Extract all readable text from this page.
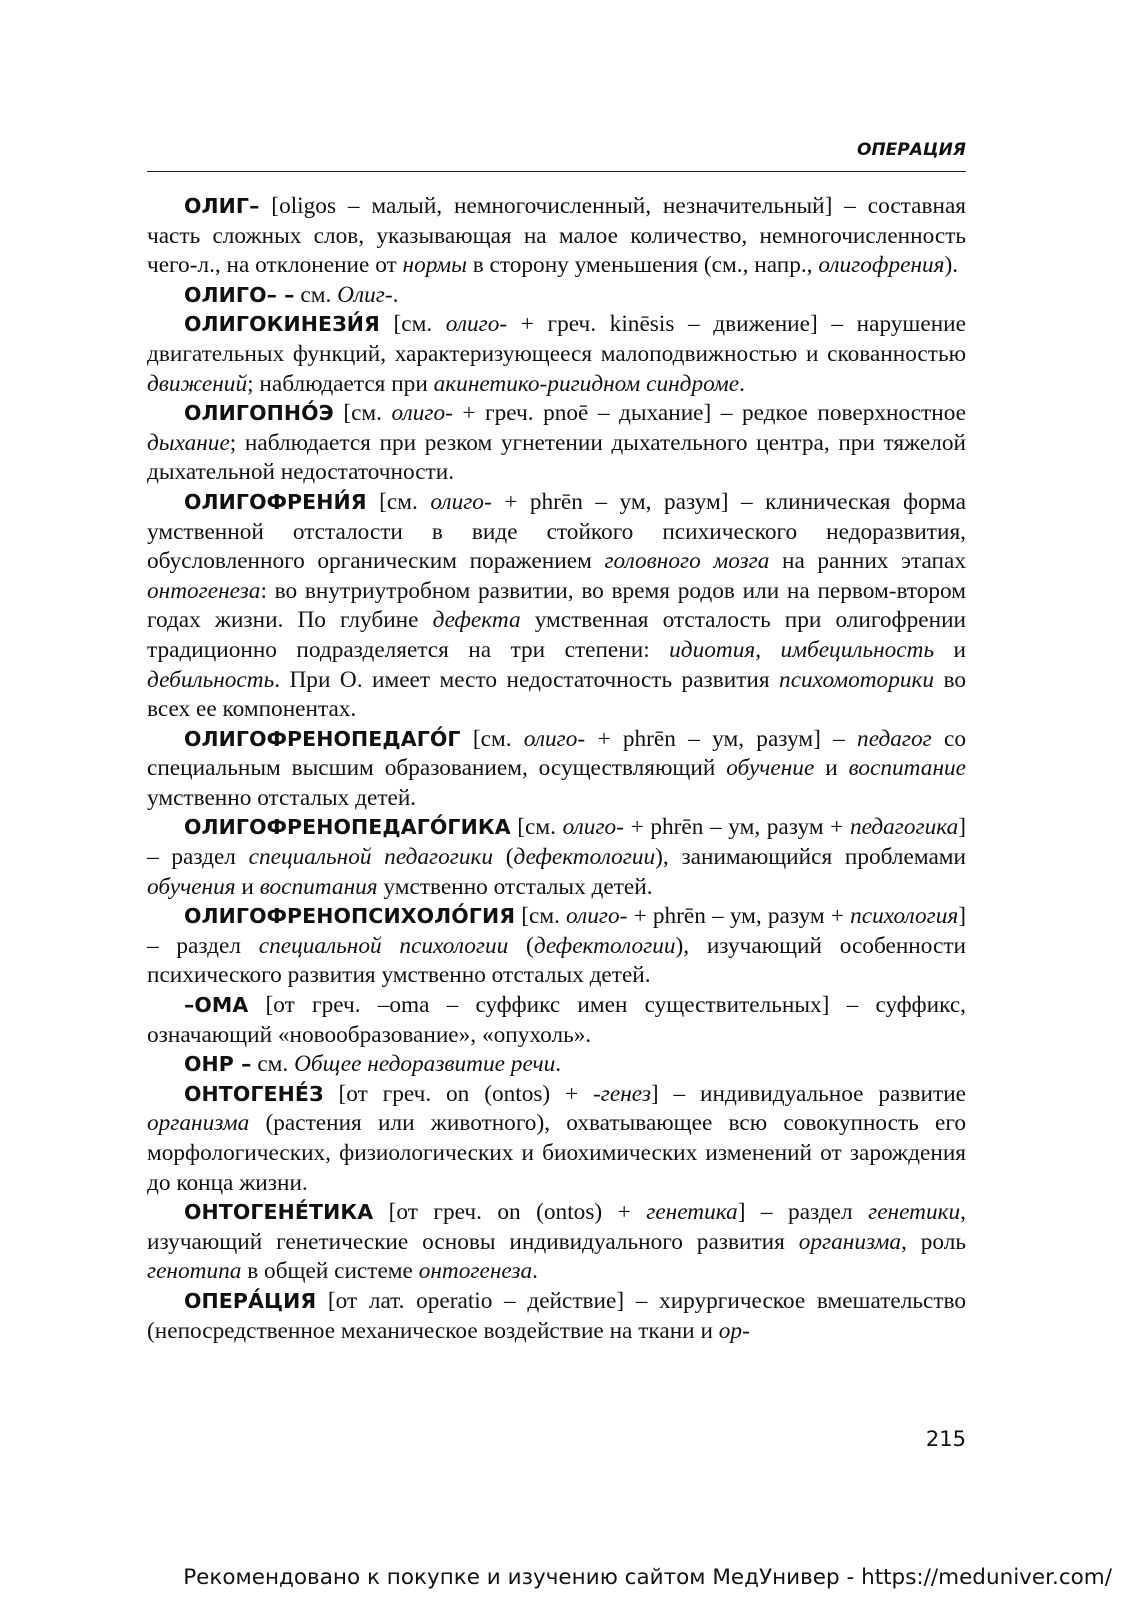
ОПЕРАЦИЯ

ОЛИГ– [oligos – малый, немногочисленный, незначительный] – составная часть сложных слов, указывающая на малое количество, немногочисленность чего-л., на отклонение от нормы в сторону уменьшения (см., напр., олигофрения).

ОЛИГО– – см. Олиг-.

ОЛИГОКИНЕЗИ́Я [см. олиго- + греч. kinēsis – движение] – нарушение двигательных функций, характеризующееся малоподвижностью и скованностью движений; наблюдается при акинетико-ригидном синдроме.

ОЛИГОПНО́Э [см. олиго- + греч. pnoē – дыхание] – редкое поверхностное дыхание; наблюдается при резком угнетении дыхательного центра, при тяжелой дыхательной недостаточности.

ОЛИГОФРЕНИ́Я [см. олиго- + phrēn – ум, разум] – клиническая форма умственной отсталости в виде стойкого психического недоразвития, обусловленного органическим поражением головного мозга на ранних этапах онтогенеза: во внутриутробном развитии, во время родов или на первом-втором годах жизни. По глубине дефекта умственная отсталость при олигофрении традиционно подразделяется на три степени: идиотия, имбецильность и дебильность. При О. имеет место недостаточность развития психомоторики во всех ее компонентах.

ОЛИГОФРЕНОПЕДАГО́Г [см. олиго- + phrēn – ум, разум] – педагог со специальным высшим образованием, осуществляющий обучение и воспитание умственно отсталых детей.

ОЛИГОФРЕНОПЕДАГО́ГИКА [см. олиго- + phrēn – ум, разум + педагогика] – раздел специальной педагогики (дефектологии), занимающийся проблемами обучения и воспитания умственно отсталых детей.

ОЛИГОФРЕНОПСИХОЛО́ГИЯ [см. олиго- + phrēn – ум, разум + психология] – раздел специальной психологии (дефектологии), изучающий особенности психического развития умственно отсталых детей.

–ОМА [от греч. –oma – суффикс имен существительных] – суффикс, означающий «новообразование», «опухоль».

ОНР – см. Общее недоразвитие речи.

ОНТОГЕНЕ́З [от греч. on (ontos) + -генез] – индивидуальное развитие организма (растения или животного), охватывающее всю совокупность его морфологических, физиологических и биохимических изменений от зарождения до конца жизни.

ОНТОГЕНЕ́ТИКА [от греч. on (ontos) + генетика] – раздел генетики, изучающий генетические основы индивидуального развития организма, роль генотипа в общей системе онтогенеза.

ОПЕРА́ЦИЯ [от лат. operatio – действие] – хирургическое вмешательство (непосредственное механическое воздействие на ткани и ор-

215
Рекомендовано к покупке и изучению сайтом МедУнивер - https://meduniver.com/
